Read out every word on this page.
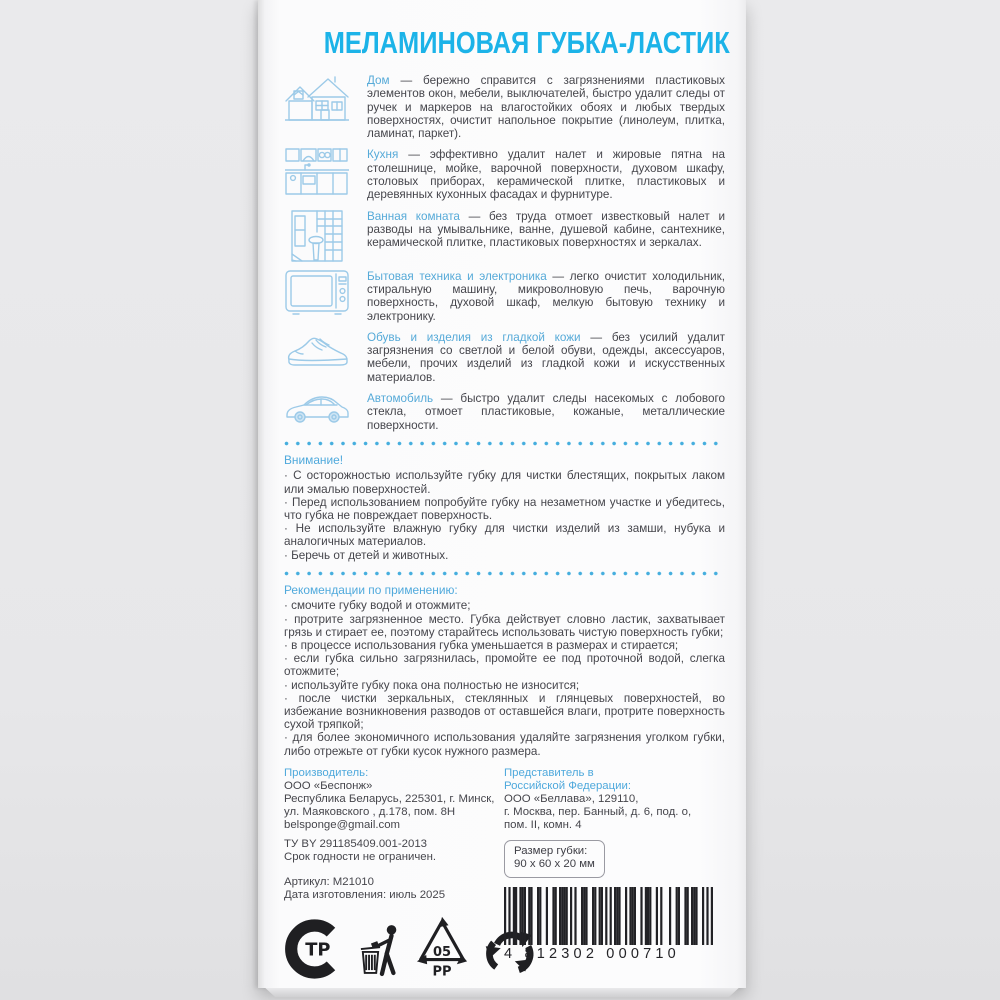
МЕЛАМИНОВАЯ ГУБКА-ЛАСТИК

Дом — бережно справится с загрязнениями пластиковых элементов окон, мебели, выключателей, быстро удалит следы от ручек и маркеров на влагостойких обоях и любых твердых поверхностях, очистит напольное покрытие (линолеум, плитка, ламинат, паркет).

Кухня — эффективно удалит налет и жировые пятна на столешнице, мойке, варочной поверхности, духовом шкафу, столовых приборах, керамической плитке, пластиковых и деревянных кухонных фасадах и фурнитуре.

Ванная комната — без труда отмоет известковый налет и разводы на умывальнике, ванне, душевой кабине, сантехнике, керамической плитке, пластиковых поверхностях и зеркалах.

Бытовая техника и электроника — легко очистит холодильник, стиральную машину, микроволновую печь, варочную поверхность, духовой шкаф, мелкую бытовую технику и электронику.

Обувь и изделия из гладкой кожи — без усилий удалит загрязнения со светлой и белой обуви, одежды, аксессуаров, мебели, прочих изделий из гладкой кожи и искусственных материалов.

Автомобиль — быстро удалит следы насекомых с лобового стекла, отмоет пластиковые, кожаные, металлические поверхности.

Внимание!

· С осторожностью используйте губку для чистки блестящих, покрытых лаком или эмалью поверхностей.

· Перед использованием попробуйте губку на незаметном участке и убедитесь, что губка не повреждает поверхность.

· Не используйте влажную губку для чистки изделий из замши, нубука и аналогичных материалов.

· Беречь от детей и животных.

Рекомендации по применению:

· смочите губку водой и отожмите;

· протрите загрязненное место. Губка действует словно ластик, захватывает грязь и стирает ее, поэтому старайтесь использовать чистую поверхность губки;

· в процессе использования губка уменьшается в размерах и стирается;

· если губка сильно загрязнилась, промойте ее под проточной водой, слегка отожмите;

· используйте губку пока она полностью не износится;

· после чистки зеркальных, стеклянных и глянцевых поверхностей, во избежание возникновения разводов от оставшейся влаги, протрите поверхность сухой тряпкой;

· для более экономичного использования удаляйте загрязнения уголком губки, либо отрежьте от губки кусок нужного размера.

Производитель:

ООО «Беспонж»

Республика Беларусь, 225301, г. Минск,

ул. Маяковского , д.178, пом. 8Н

belsponge@gmail.com

ТУ BY 291185409.001-2013

Срок годности не ограничен.

Артикул: M21010

Дата изготовления: июль 2025

ТР	05
PP

Представитель в

Российской Федерации:

ООО «Беллава», 129110,

г. Москва, пер. Банный, д. 6, под. о,

пом. II, комн. 4

Размер губки:

90 x 60 x 20 мм

4 812302 000710
